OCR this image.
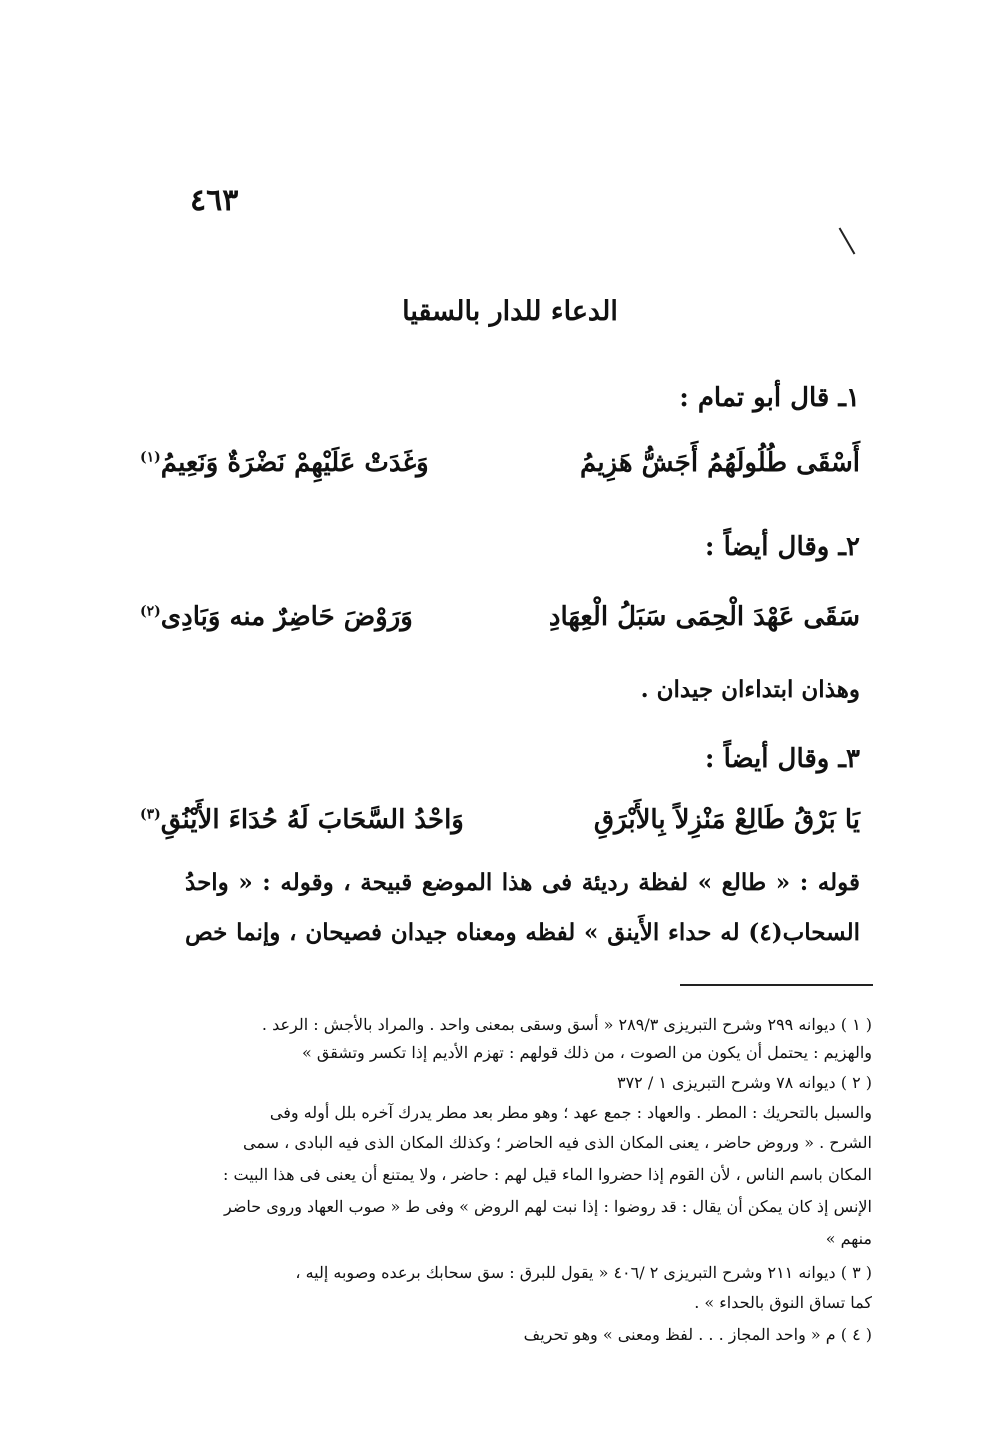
٤٦٣
الدعاء للدار بالسقيا
١ـ قال أبو تمام :
أَسْقَى طُلُولَهُمُ أَجَشُّ هَزِيمُ
وَغَدَتْ عَلَيْهِمْ نَضْرَةٌ وَنَعِيمُ$^{(١)}$
٢ـ وقال أيضاً :
سَقَى عَهْدَ الْحِمَى سَبَلُ الْعِهَادِ
وَرَوْضَ حَاضِرٌ منه وَبَادِى$^{(٢)}$
وهذان ابتداءان جيدان .
٣ـ وقال أيضاً :
يَا بَرْقُ طَالِعْ مَنْزِلاً بِالأَبْرَقِ
وَاحْدُ السَّحَابَ لَهُ حُدَاءَ الأَيْنُقِ$^{(٣)}$
قوله : « طالع » لفظة رديئة فى هذا الموضع قبيحة ، وقوله : « واحدُ
السحاب(٤) له حداء الأَينق » لفظه ومعناه جيدان فصيحان ، وإنما خص
( ١ ) ديوانه ٢٩٩ وشرح التبريزى ٢٨٩/٣ « أسق وسقى بمعنى واحد . والمراد بالأجش : الرعد .
والهزيم : يحتمل أن يكون من الصوت ، من ذلك قولهم : تهزم الأديم إذا تكسر وتشقق »
( ٢ ) ديوانه ٧٨ وشرح التبريزى ١ / ٣٧٢
والسبل بالتحريك : المطر . والعهاد : جمع عهد ؛ وهو مطر بعد مطر يدرك آخره بلل أوله وفى
الشرح . « وروض حاضر ، يعنى المكان الذى فيه الحاضر ؛ وكذلك المكان الذى فيه البادى ، سمى
المكان باسم الناس ، لأن القوم إذا حضروا الماء قيل لهم : حاضر ، ولا يمتنع أن يعنى فى هذا البيت :
الإنس إذ كان يمكن أن يقال : قد روضوا : إذا نبت لهم الروض » وفى ط « صوب العهاد وروى حاضر
منهم »
( ٣ ) ديوانه ٢١١ وشرح التبريزى ٢ /٤٠٦ « يقول للبرق : سق سحابك برعده وصوبه إليه ،
كما تساق النوق بالحداء » .
( ٤ ) م « واحد المجاز . . . لفظ ومعنى » وهو تحريف
